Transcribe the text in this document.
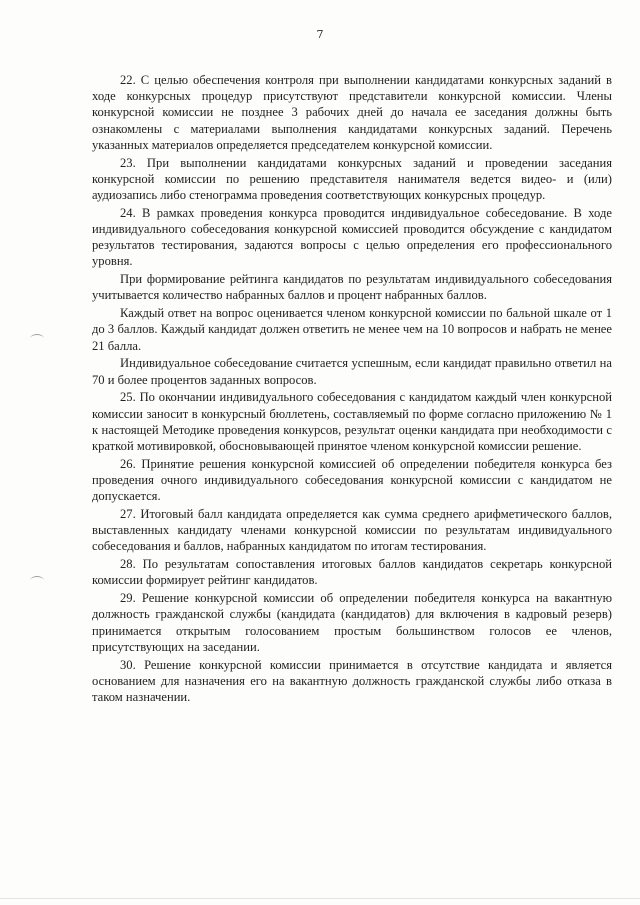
7

22. С целью обеспечения контроля при выполнении кандидатами конкурсных заданий в ходе конкурсных процедур присутствуют представители конкурсной комиссии. Члены конкурсной комиссии не позднее 3 рабочих дней до начала ее заседания должны быть ознакомлены с материалами выполнения кандидатами конкурсных заданий. Перечень указанных материалов определяется председателем конкурсной комиссии.

23. При выполнении кандидатами конкурсных заданий и проведении заседания конкурсной комиссии по решению представителя нанимателя ведется видео- и (или) аудиозапись либо стенограмма проведения соответствующих конкурсных процедур.

24. В рамках проведения конкурса проводится индивидуальное собеседование. В ходе индивидуального собеседования конкурсной комиссией проводится обсуждение с кандидатом результатов тестирования, задаются вопросы с целью определения его профессионального уровня.

При формирование рейтинга кандидатов по результатам индивидуального собеседования учитывается количество набранных баллов и процент набранных баллов.

Каждый ответ на вопрос оценивается членом конкурсной комиссии по бальной шкале от 1 до 3 баллов. Каждый кандидат должен ответить не менее чем на 10 вопросов и набрать не менее 21 балла.

Индивидуальное собеседование считается успешным, если кандидат правильно ответил на 70 и более процентов заданных вопросов.

25. По окончании индивидуального собеседования с кандидатом каждый член конкурсной комиссии заносит в конкурсный бюллетень, составляемый по форме согласно приложению № 1 к настоящей Методике проведения конкурсов, результат оценки кандидата при необходимости с краткой мотивировкой, обосновывающей принятое членом конкурсной комиссии решение.

26. Принятие решения конкурсной комиссией об определении победителя конкурса без проведения очного индивидуального собеседования конкурсной комиссии с кандидатом не допускается.

27. Итоговый балл кандидата определяется как сумма среднего арифметического баллов, выставленных кандидату членами конкурсной комиссии по результатам индивидуального собеседования и баллов, набранных кандидатом по итогам тестирования.

28. По результатам сопоставления итоговых баллов кандидатов секретарь конкурсной комиссии формирует рейтинг кандидатов.

29. Решение конкурсной комиссии об определении победителя конкурса на вакантную должность гражданской службы (кандидата (кандидатов) для включения в кадровый резерв) принимается открытым голосованием простым большинством голосов ее членов, присутствующих на заседании.

30. Решение конкурсной комиссии принимается в отсутствие кандидата и является основанием для назначения его на вакантную должность гражданской службы либо отказа в таком назначении.
